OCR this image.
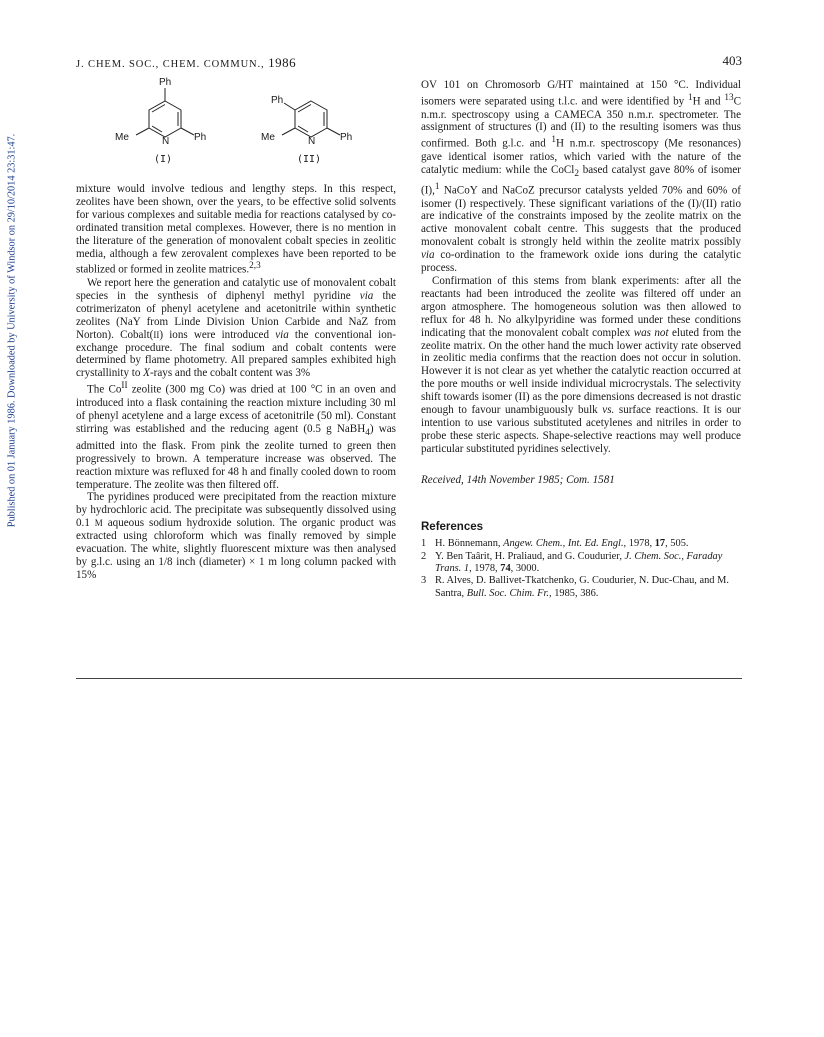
Published on 01 January 1986. Downloaded by University of Windsor on 29/10/2014 23:31:47.
J. CHEM. SOC., CHEM. COMMUN., 1986	403
Ph
Me	N Ph
Ph
Me	N Ph
(I)	(II)

mixture would involve tedious and lengthy steps. In this respect, zeolites have been shown, over the years, to be effective solid solvents for various complexes and suitable media for reactions catalysed by co-ordinated transition metal complexes. However, there is no mention in the literature of the generation of monovalent cobalt species in zeolitic media, although a few zerovalent complexes have been reported to be stablized or formed in zeolite matrices.$^{2,3}$

We report here the generation and catalytic use of monovalent cobalt species in the synthesis of diphenyl methyl pyridine via the cotrimerizaton of phenyl acetylene and acetonitrile within synthetic zeolites (NaY from Linde Division Union Carbide and NaZ from Norton). Cobalt(II) ions were introduced via the conventional ion-exchange procedure. The final sodium and cobalt contents were determined by flame photometry. All prepared samples exhibited high crystallinity to X-rays and the cobalt content was 3%

The $Co^{II}$ zeolite (300 mg Co) was dried at 100 °C in an oven and introduced into a flask containing the reaction mixture including 30 ml of phenyl acetylene and a large excess of acetonitrile (50 ml). Constant stirring was established and the reducing agent (0.5 g NaBH$_4$) was admitted into the flask. From pink the zeolite turned to green then progressively to brown. A temperature increase was observed. The reaction mixture was refluxed for 48 h and finally cooled down to room temperature. The zeolite was then filtered off.

The pyridines produced were precipitated from the reaction mixture by hydrochloric acid. The precipitate was subsequently dissolved using 0.1 M aqueous sodium hydroxide solution. The organic product was extracted using chloroform which was finally removed by simple evacuation. The white, slightly fluorescent mixture was then analysed by g.l.c. using an 1/8 inch (diameter) × 1 m long column packed with 15%

OV 101 on Chromosorb G/HT maintained at 150 °C. Individual isomers were separated using t.l.c. and were identified by $^1$H and $^{13}$C n.m.r. spectroscopy using a CAMECA 350 n.m.r. spectrometer. The assignment of structures (I) and (II) to the resulting isomers was thus confirmed. Both g.l.c. and $^1$H n.m.r. spectroscopy (Me resonances) gave identical isomer ratios, which varied with the nature of the catalytic medium: while the CoCl$_2$ based catalyst gave 80% of isomer (I),$^1$ NaCoY and NaCoZ precursor catalysts yelded 70% and 60% of isomer (I) respectively. These significant variations of the (I)/(II) ratio are indicative of the constraints imposed by the zeolite matrix on the active monovalent cobalt centre. This suggests that the produced monovalent cobalt is strongly held within the zeolite matrix possibly via co-ordination to the framework oxide ions during the catalytic process.

Confirmation of this stems from blank experiments: after all the reactants had been introduced the zeolite was filtered off under an argon atmosphere. The homogeneous solution was then allowed to reflux for 48 h. No alkylpyridine was formed under these conditions indicating that the monovalent cobalt complex was not eluted from the zeolite matrix. On the other hand the much lower activity rate observed in zeolitic media confirms that the reaction does not occur in solution. However it is not clear as yet whether the catalytic reaction occurred at the pore mouths or well inside individual microcrystals. The selectivity shift towards isomer (II) as the pore dimensions decreased is not drastic enough to favour unambiguously bulk vs. surface reactions. It is our intention to use various substituted acetylenes and nitriles in order to probe these steric aspects. Shape-selective reactions may well produce particular substituted pyridines selectively.

Received, 14th November 1985; Com. 1581

References
1 H. Bönnemann, Angew. Chem., Int. Ed. Engl., 1978, 17, 505.
2 Y. Ben Taârit, H. Praliaud, and G. Coudurier, J. Chem. Soc., Faraday Trans. 1, 1978, 74, 3000.
3 R. Alves, D. Ballivet-Tkatchenko, G. Coudurier, N. Duc-Chau, and M. Santra, Bull. Soc. Chim. Fr., 1985, 386.
